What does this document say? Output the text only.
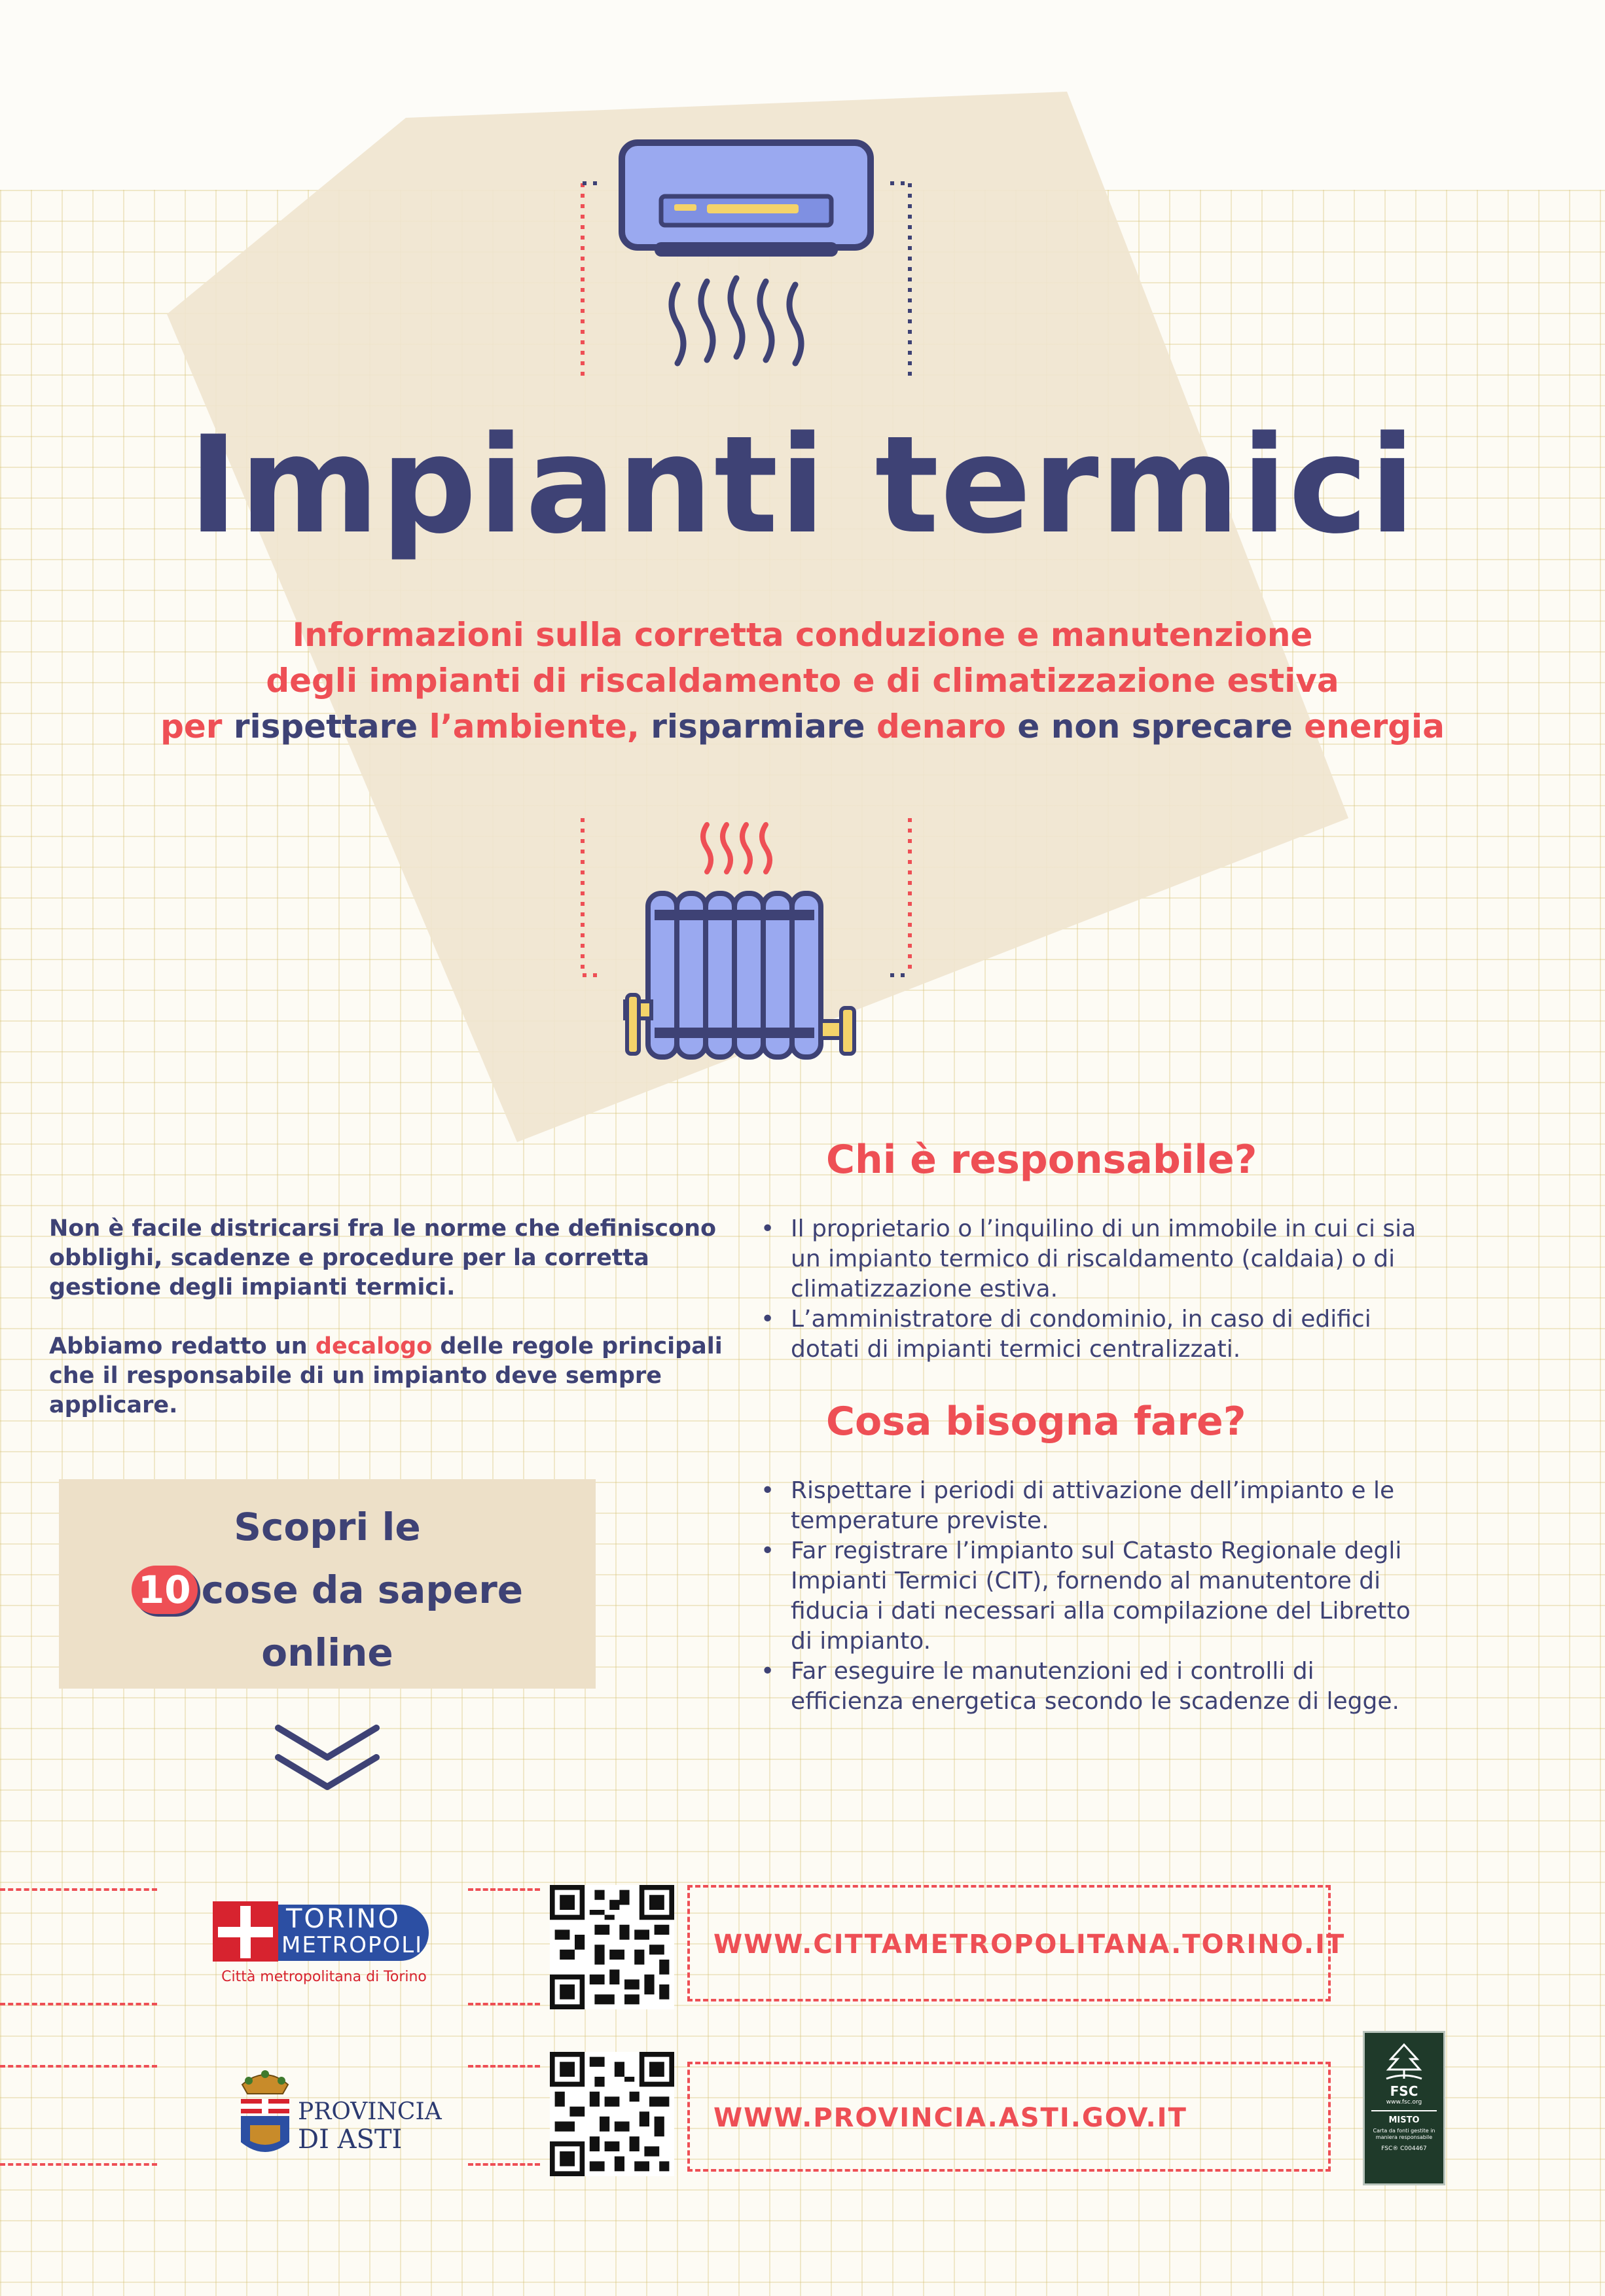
Impianti termici
Informazioni sulla corretta conduzione e manutenzione
degli impianti di riscaldamento e di climatizzazione estiva
per rispettare l’ambiente, risparmiare denaro e non sprecare energia

Non è facile districarsi fra le norme che definiscono obblighi, scadenze e procedure per la corretta gestione degli impianti termici.

Abbiamo redatto un decalogo delle regole principali che il responsabile di un impianto deve sempre applicare.

Scopri le
10 cose da sapere
online
Chi è responsabile?
• Il proprietario o l’inquilino di un immobile in cui ci sia un impianto termico di riscaldamento (caldaia) o di climatizzazione estiva.
• L’amministratore di condominio, in caso di edifici dotati di impianti termici centralizzati.
Cosa bisogna fare?
• Rispettare i periodi di attivazione dell’impianto e le temperature previste.
• Far registrare l’impianto sul Catasto Regionale degli Impianti Termici (CIT), fornendo al manutentore di fiducia i dati necessari alla compilazione del Libretto di impianto.
• Far eseguire le manutenzioni ed i controlli di efficienza energetica secondo le scadenze di legge.
TORINO
METROPOLI
Città metropolitana di Torino
WWW.CITTAMETROPOLITANA.TORINO.IT
PROVINCIA
DI ASTI
WWW.PROVINCIA.ASTI.GOV.IT
FSC
www.fsc.org
MISTO
Carta da fonti gestite in maniera responsabile
FSC® C004467
